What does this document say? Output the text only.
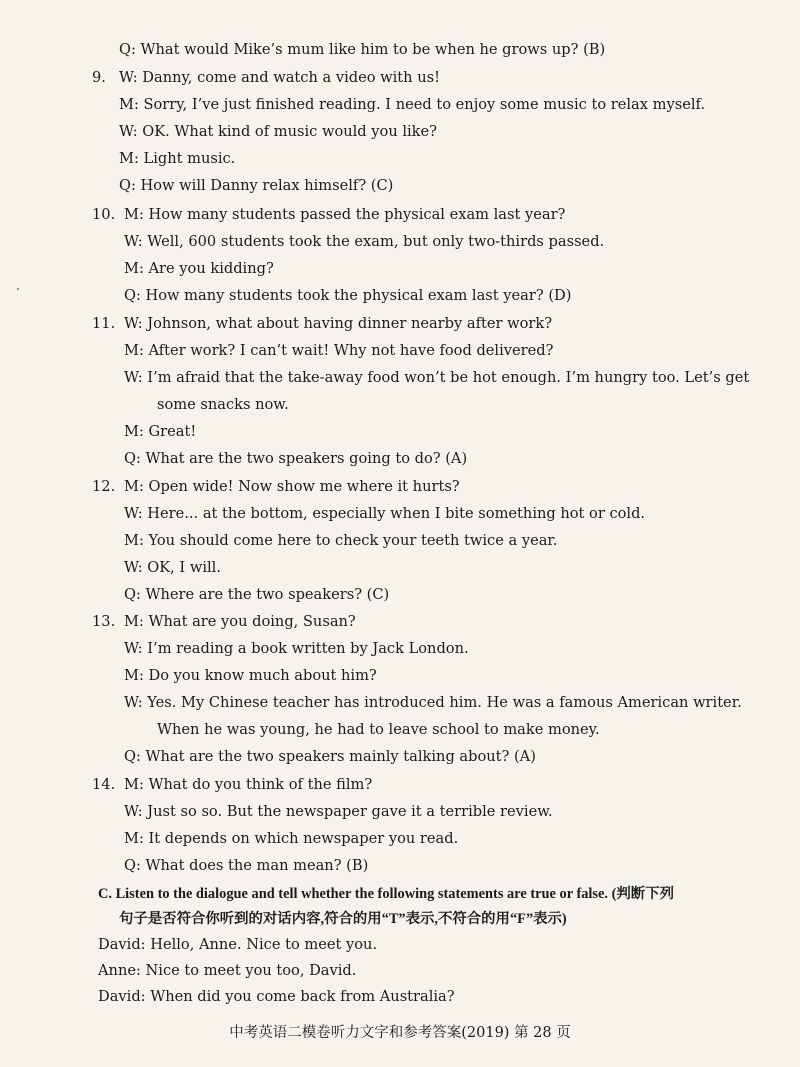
Q: What would Mike’s mum like him to be when he grows up? (B)
9. W: Danny, come and watch a video with us!
M: Sorry, I’ve just finished reading. I need to enjoy some music to relax myself.
W: OK. What kind of music would you like?
M: Light music.
Q: How will Danny relax himself? (C)
10. M: How many students passed the physical exam last year?
W: Well, 600 students took the exam, but only two-thirds passed.
M: Are you kidding?
Q: How many students took the physical exam last year? (D)
11. W: Johnson, what about having dinner nearby after work?
M: After work? I can’t wait! Why not have food delivered?
W: I’m afraid that the take-away food won’t be hot enough. I’m hungry too. Let’s get
some snacks now.
M: Great!
Q: What are the two speakers going to do? (A)
12. M: Open wide! Now show me where it hurts?
W: Here... at the bottom, especially when I bite something hot or cold.
M: You should come here to check your teeth twice a year.
W: OK, I will.
Q: Where are the two speakers? (C)
13. M: What are you doing, Susan?
W: I’m reading a book written by Jack London.
M: Do you know much about him?
W: Yes. My Chinese teacher has introduced him. He was a famous American writer.
When he was young, he had to leave school to make money.
Q: What are the two speakers mainly talking about? (A)
14. M: What do you think of the film?
W: Just so so. But the newspaper gave it a terrible review.
M: It depends on which newspaper you read.
Q: What does the man mean? (B)
C. Listen to the dialogue and tell whether the following statements are true or false. (判断下列
句子是否符合你听到的对话内容,符合的用“T”表示,不符合的用“F”表示)
David: Hello, Anne. Nice to meet you.
Anne: Nice to meet you too, David.
David: When did you come back from Australia?
中考英语二模卷听力文字和参考答案(2019) 第 28 页
